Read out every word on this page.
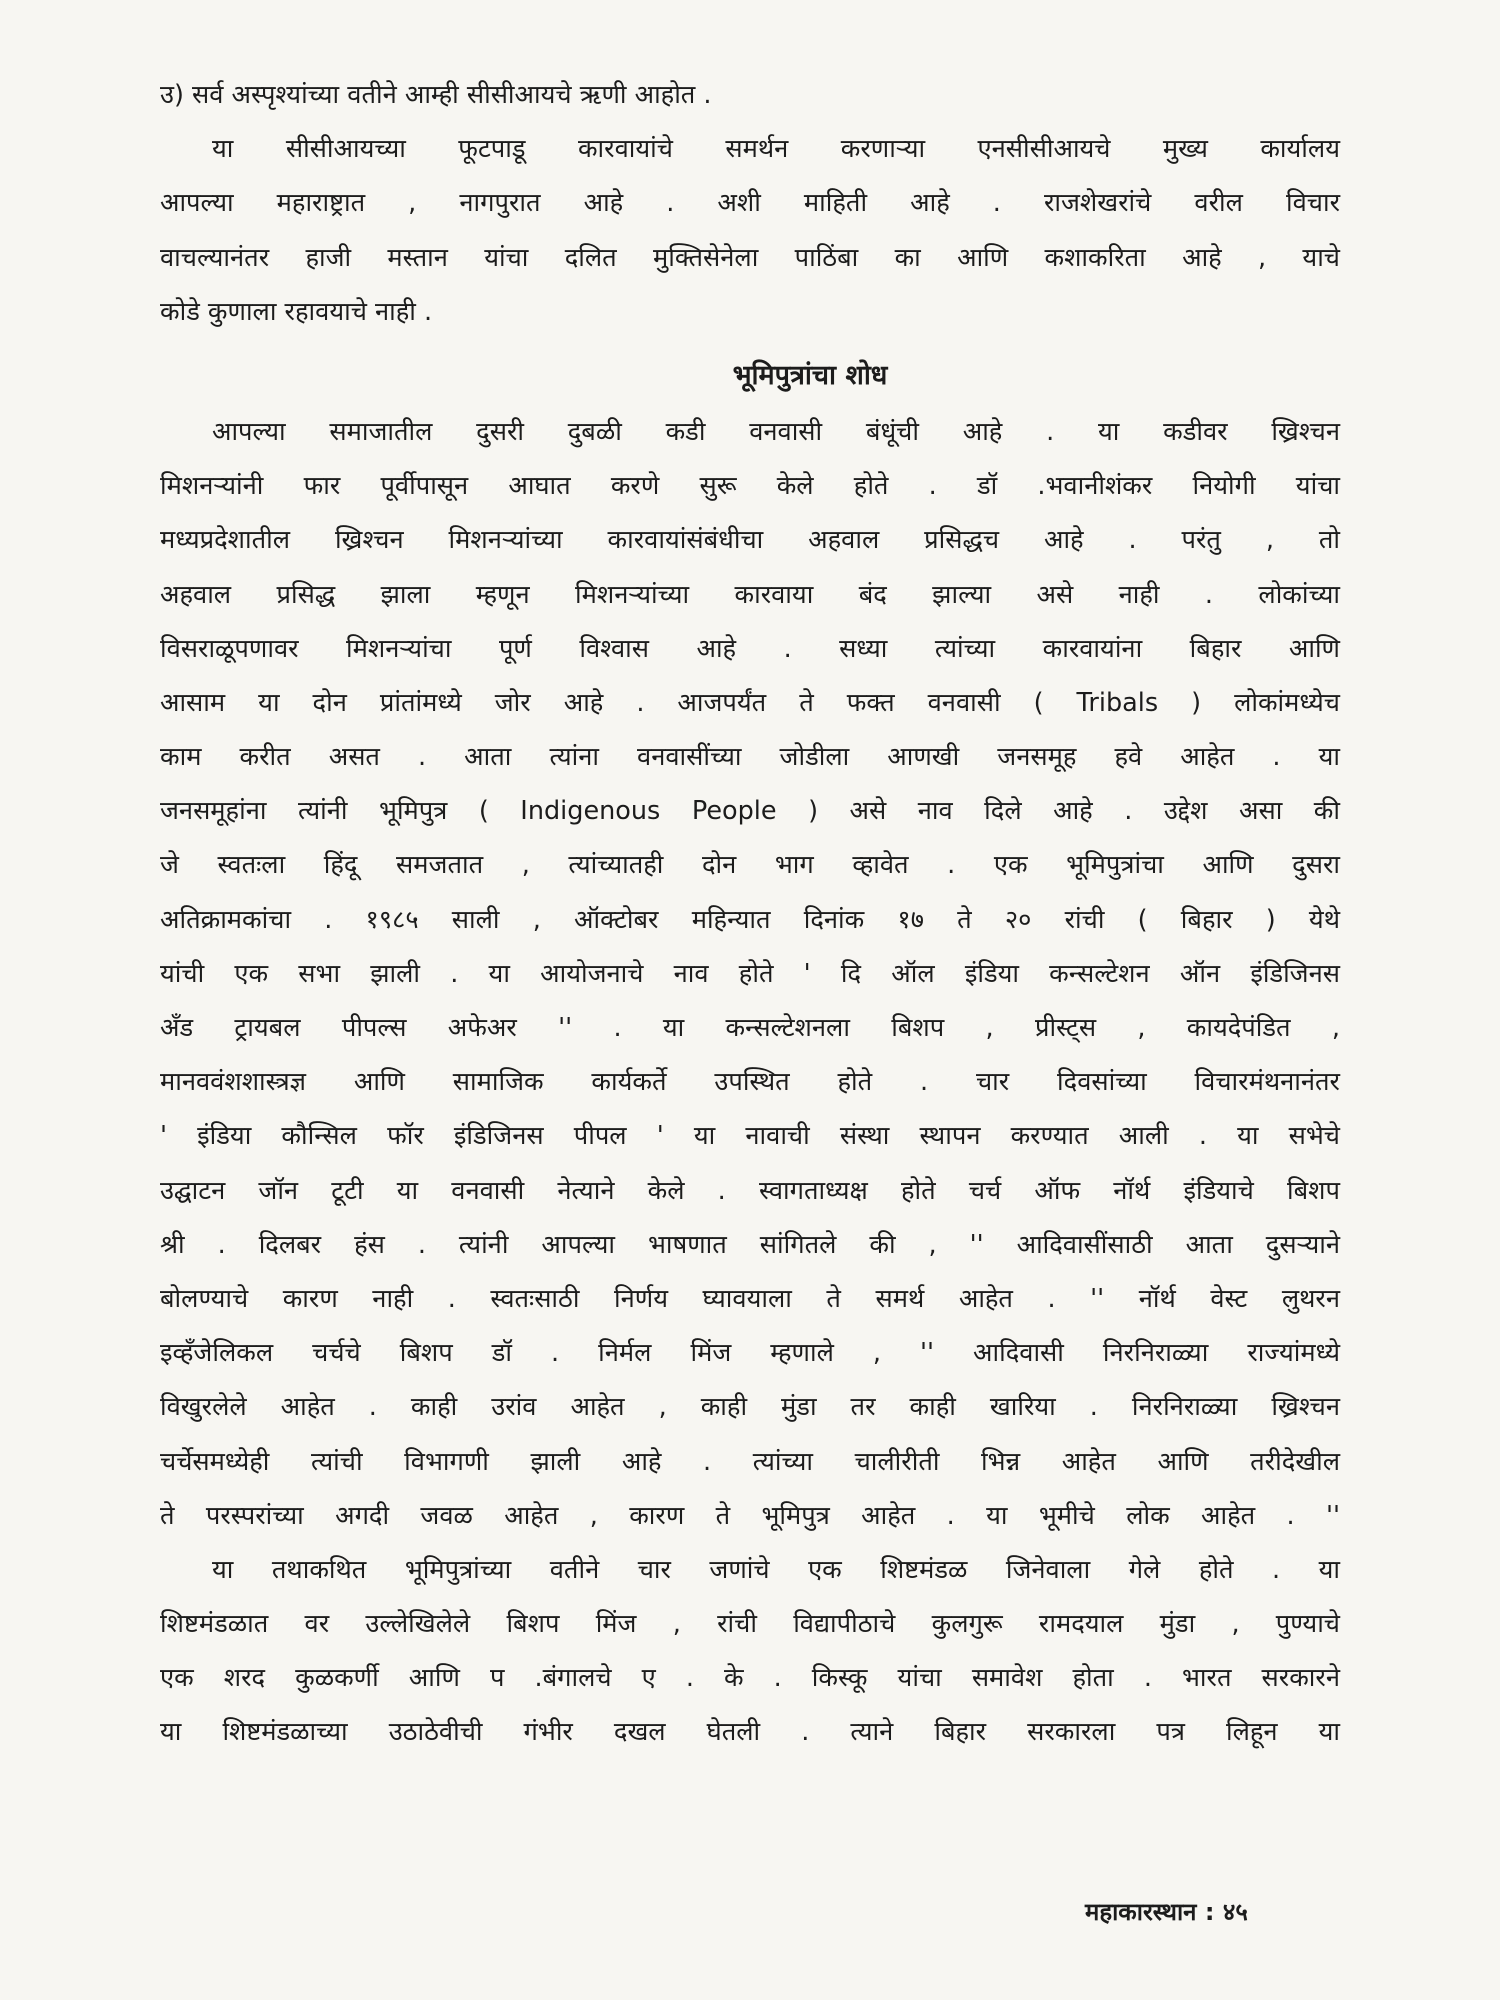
उ) सर्व अस्पृश्यांच्या वतीने आम्ही सीसीआयचे ऋणी आहोत .
या सीसीआयच्या फूटपाडू कारवायांचे समर्थन करणाऱ्या एनसीसीआयचे मुख्य कार्यालय
आपल्या महाराष्ट्रात , नागपुरात आहे . अशी माहिती आहे . राजशेखरांचे वरील विचार
वाचल्यानंतर हाजी मस्तान यांचा दलित मुक्तिसेनेला पाठिंबा का आणि कशाकरिता आहे , याचे
कोडे कुणाला रहावयाचे नाही .
भूमिपुत्रांचा शोध
आपल्या समाजातील दुसरी दुबळी कडी वनवासी बंधूंची आहे . या कडीवर ख्रिश्चन
मिशनऱ्यांनी फार पूर्वीपासून आघात करणे सुरू केले होते . डॉ .भवानीशंकर नियोगी यांचा
मध्यप्रदेशातील ख्रिश्चन मिशनऱ्यांच्या कारवायांसंबंधीचा अहवाल प्रसिद्धच आहे . परंतु , तो
अहवाल प्रसिद्ध झाला म्हणून मिशनऱ्यांच्या कारवाया बंद झाल्या असे नाही . लोकांच्या
विसराळूपणावर मिशनऱ्यांचा पूर्ण विश्वास आहे . सध्या त्यांच्या कारवायांना बिहार आणि
आसाम या दोन प्रांतांमध्ये जोर आहे . आजपर्यंत ते फक्त वनवासी ( Tribals ) लोकांमध्येच
काम करीत असत . आता त्यांना वनवासींच्या जोडीला आणखी जनसमूह हवे आहेत . या
जनसमूहांना त्यांनी भूमिपुत्र ( Indigenous People ) असे नाव दिले आहे . उद्देश असा की
जे स्वतःला हिंदू समजतात , त्यांच्यातही दोन भाग व्हावेत . एक भूमिपुत्रांचा आणि दुसरा
अतिक्रामकांचा . १९८५ साली , ऑक्टोबर महिन्यात दिनांक १७ ते २० रांची ( बिहार ) येथे
यांची एक सभा झाली . या आयोजनाचे नाव होते ' दि ऑल इंडिया कन्सल्टेशन ऑन इंडिजिनस
अँड ट्रायबल पीपल्स अफेअर '' . या कन्सल्टेशनला बिशप , प्रीस्ट्स , कायदेपंडित ,
मानववंशशास्त्रज्ञ आणि सामाजिक कार्यकर्ते उपस्थित होते . चार दिवसांच्या विचारमंथनानंतर
' इंडिया कौन्सिल फॉर इंडिजिनस पीपल ' या नावाची संस्था स्थापन करण्यात आली . या सभेचे
उद्घाटन जॉन टूटी या वनवासी नेत्याने केले . स्वागताध्यक्ष होते चर्च ऑफ नॉर्थ इंडियाचे बिशप
श्री . दिलबर हंस . त्यांनी आपल्या भाषणात सांगितले की , '' आदिवासींसाठी आता दुसऱ्याने
बोलण्याचे कारण नाही . स्वतःसाठी निर्णय घ्यावयाला ते समर्थ आहेत . '' नॉर्थ वेस्ट लुथरन
इव्हँजेलिकल चर्चचे बिशप डॉ . निर्मल मिंज म्हणाले , '' आदिवासी निरनिराळ्या राज्यांमध्ये
विखुरलेले आहेत . काही उरांव आहेत , काही मुंडा तर काही खारिया . निरनिराळ्या ख्रिश्चन
चर्चेसमध्येही त्यांची विभागणी झाली आहे . त्यांच्या चालीरीती भिन्न आहेत आणि तरीदेखील
ते परस्परांच्या अगदी जवळ आहेत , कारण ते भूमिपुत्र आहेत . या भूमीचे लोक आहेत . ''
या तथाकथित भूमिपुत्रांच्या वतीने चार जणांचे एक शिष्टमंडळ जिनेवाला गेले होते . या
शिष्टमंडळात वर उल्लेखिलेले बिशप मिंज , रांची विद्यापीठाचे कुलगुरू रामदयाल मुंडा , पुण्याचे
एक शरद कुळकर्णी आणि प .बंगालचे ए . के . किस्कू यांचा समावेश होता . भारत सरकारने
या शिष्टमंडळाच्या उठाठेवीची गंभीर दखल घेतली . त्याने बिहार सरकारला पत्र लिहून या
महाकारस्थान : ४५
